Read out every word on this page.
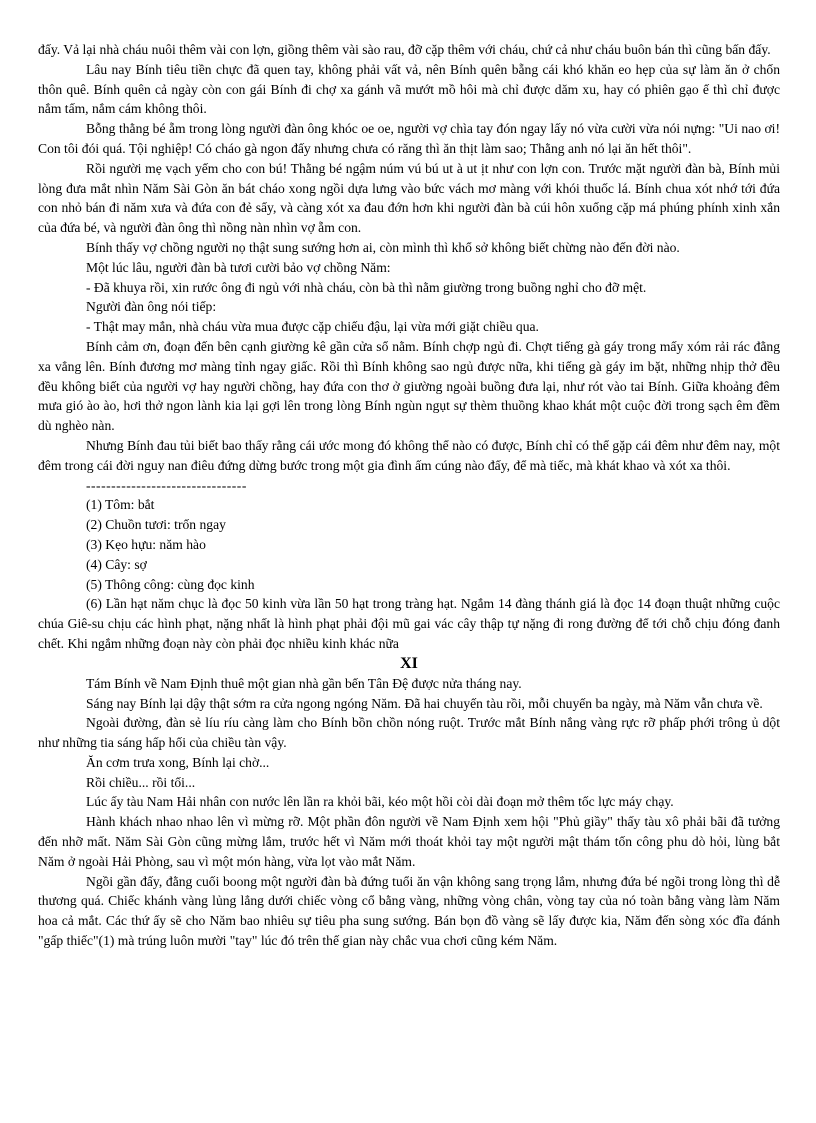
đấy. Vả lại nhà cháu nuôi thêm vài con lợn, giồng thêm vài sào rau, đỡ cặp thêm với cháu, chứ cả như cháu buôn bán thì cũng bấn đấy.

Lâu nay Bính tiêu tiền chực đã quen tay, không phải vất vả, nên Bính quên bẵng cái khó khăn eo hẹp của sự làm ăn ở chốn thôn quê. Bính quên cả ngày còn con gái Bính đi chợ xa gánh vã mướt mồ hôi mà chỉ được dăm xu, hay có phiên gạo ế thì chỉ được nắm tấm, nắm cám không thôi.

Bỗng thằng bé ẵm trong lòng người đàn ông khóc oe oe, người vợ chìa tay đón ngay lấy nó vừa cười vừa nói nựng: "Ui nao ơi! Con tôi đói quá. Tội nghiệp! Có cháo gà ngon đấy nhưng chưa có răng thì ăn thịt làm sao; Thằng anh nó lại ăn hết thôi".

Rồi người mẹ vạch yếm cho con bú! Thằng bé ngậm núm vú bú ut à ut ịt như con lợn con. Trước mặt người đàn bà, Bính mủi lòng đưa mắt nhìn Năm Sài Gòn ăn bát cháo xong ngồi dựa lưng vào bức vách mơ màng với khói thuốc lá. Bính chua xót nhớ tới đứa con nhỏ bán đi năm xưa và đứa con đẻ sẩy, và càng xót xa đau đớn hơn khi người đàn bà cúi hôn xuống cặp má phúng phính xinh xắn của đứa bé, và người đàn ông thì nồng nàn nhìn vợ ẵm con.

Bính thấy vợ chồng người nọ thật sung sướng hơn ai, còn mình thì khổ sở không biết chừng nào đến đời nào.

Một lúc lâu, người đàn bà tươi cười bảo vợ chồng Năm:

- Đã khuya rồi, xin rước ông đi ngủ với nhà cháu, còn bà thì nằm giường trong buồng nghỉ cho đỡ mệt.

Người đàn ông nói tiếp:

- Thật may mắn, nhà cháu vừa mua được cặp chiếu đậu, lại vừa mới giặt chiều qua.

Bính cảm ơn, đoạn đến bên cạnh giường kê gần cửa sổ nằm. Bính chợp ngủ đi. Chợt tiếng gà gáy trong mấy xóm rải rác đằng xa vẳng lên. Bính đương mơ màng tỉnh ngay giấc. Rồi thì Bính không sao ngủ được nữa, khi tiếng gà gáy im bặt, những nhịp thở đều đều không biết của người vợ hay người chồng, hay đứa con thơ ở giường ngoài buồng đưa lại, như rót vào tai Bính. Giữa khoảng đêm mưa gió ào ào, hơi thở ngon lành kia lại gợi lên trong lòng Bính ngùn ngụt sự thèm thuồng khao khát một cuộc đời trong sạch êm đềm dù nghèo nàn.

Nhưng Bính đau tủi biết bao thấy rằng cái ước mong đó không thể nào có được, Bính chỉ có thể gặp cái đêm như đêm nay, một đêm trong cái đời nguy nan điêu đứng dừng bước trong một gia đình ấm cúng nào đấy, để mà tiếc, mà khát khao và xót xa thôi.

--------------------------------

(1) Tôm: bắt

(2) Chuồn tươi: trốn ngay

(3) Kẹo hựu: năm hào

(4) Cây: sợ

(5) Thông công: cùng đọc kinh

(6) Lần hạt năm chục là đọc 50 kinh vừa lần 50 hạt trong tràng hạt. Ngắm 14 đàng thánh giá là đọc 14 đoạn thuật những cuộc chúa Giê-su chịu các hình phạt, nặng nhất là hình phạt phải đội mũ gai vác cây thập tự nặng đi rong đường để tới chỗ chịu đóng đanh chết. Khi ngắm những đoạn này còn phải đọc nhiều kinh khác nữa

XI

Tám Bính về Nam Định thuê một gian nhà gần bến Tân Đệ được nửa tháng nay.

Sáng nay Bính lại dậy thật sớm ra cửa ngong ngóng Năm. Đã hai chuyến tàu rồi, mỗi chuyến ba ngày, mà Năm vẫn chưa về.

Ngoài đường, đàn sẻ líu ríu càng làm cho Bính bồn chồn nóng ruột. Trước mắt Bính nắng vàng rực rỡ phấp phới trông ủ dột như những tia sáng hấp hối của chiều tàn vậy.

Ăn cơm trưa xong, Bính lại chờ...

Rồi chiều... rồi tối...

Lúc ấy tàu Nam Hải nhân con nước lên lần ra khỏi bãi, kéo một hồi còi dài đoạn mở thêm tốc lực máy chạy.

Hành khách nhao nhao lên vì mừng rỡ. Một phần đôn người về Nam Định xem hội "Phủ giầy" thấy tàu xô phải bãi đã tưởng đến nhỡ mất. Năm Sài Gòn cũng mừng lắm, trước hết vì Năm mới thoát khỏi tay một người mật thám tốn công phu dò hỏi, lùng bắt Năm ở ngoài Hải Phòng, sau vì một món hàng, vừa lọt vào mắt Năm.

Ngồi gần đấy, đằng cuối boong một người đàn bà đứng tuổi ăn vận không sang trọng lắm, nhưng đứa bé ngồi trong lòng thì dễ thương quá. Chiếc khánh vàng lủng lẳng dưới chiếc vòng cổ bằng vàng, những vòng chân, vòng tay của nó toàn bằng vàng làm Năm hoa cả mắt. Các thứ ấy sẽ cho Năm bao nhiêu sự tiêu pha sung sướng. Bán bọn đồ vàng sẽ lấy được kia, Năm đến sòng xóc đĩa đánh "gấp thiếc"(1) mà trúng luôn mười "tay" lúc đó trên thế gian này chắc vua chơi cũng kém Năm.
